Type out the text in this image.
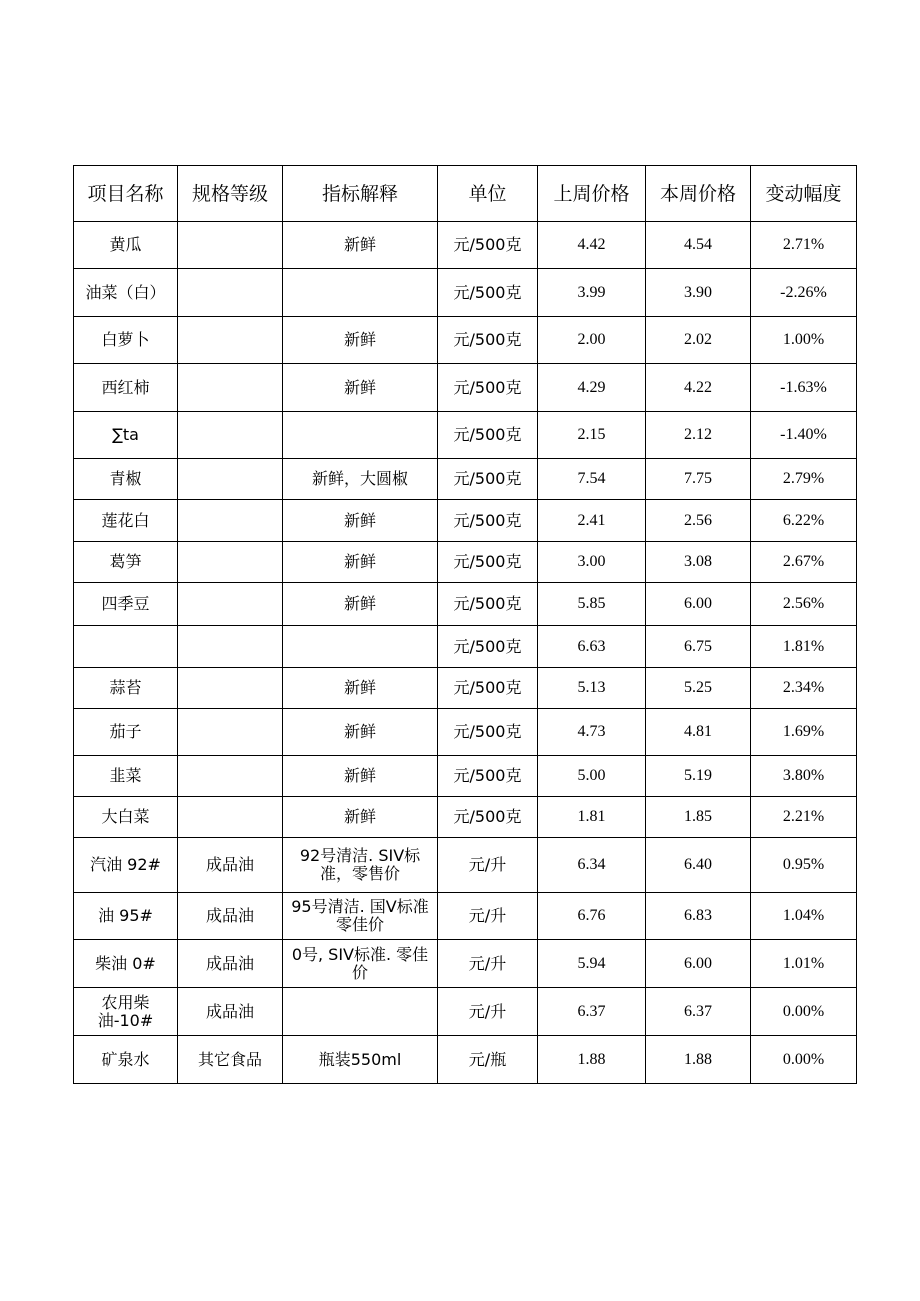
项目名称	规格等级	指标解释	单位	上周价格	本周价格	变动幅度
黄瓜		新鲜	元/500克	4.42	4.54	2.71%
油菜（白）			元/500克	3.99	3.90	-2.26%
白萝卜		新鲜	元/500克	2.00	2.02	1.00%
西红柿		新鲜	元/500克	4.29	4.22	-1.63%
∑ta			元/500克	2.15	2.12	-1.40%
青椒		新鲜，大圆椒	元/500克	7.54	7.75	2.79%
莲花白		新鲜	元/500克	2.41	2.56	6.22%
葛笋		新鲜	元/500克	3.00	3.08	2.67%
四季豆		新鲜	元/500克	5.85	6.00	2.56%
			元/500克	6.63	6.75	1.81%
蒜苔		新鲜	元/500克	5.13	5.25	2.34%
茄子		新鲜	元/500克	4.73	4.81	1.69%
韭菜		新鲜	元/500克	5.00	5.19	3.80%
大白菜		新鲜	元/500克	1.81	1.85	2.21%
汽油 92#	成品油	92号清洁. SIV标准，零售价	元/升	6.34	6.40	0.95%
油 95#	成品油	95号清洁. 国V标准零佳价	元/升	6.76	6.83	1.04%
柴油 0#	成品油	0号, SIV标准. 零佳价	元/升	5.94	6.00	1.01%
农用柴油-10#	成品油		元/升	6.37	6.37	0.00%
矿泉水	其它食品	瓶装550ml	元/瓶	1.88	1.88	0.00%
